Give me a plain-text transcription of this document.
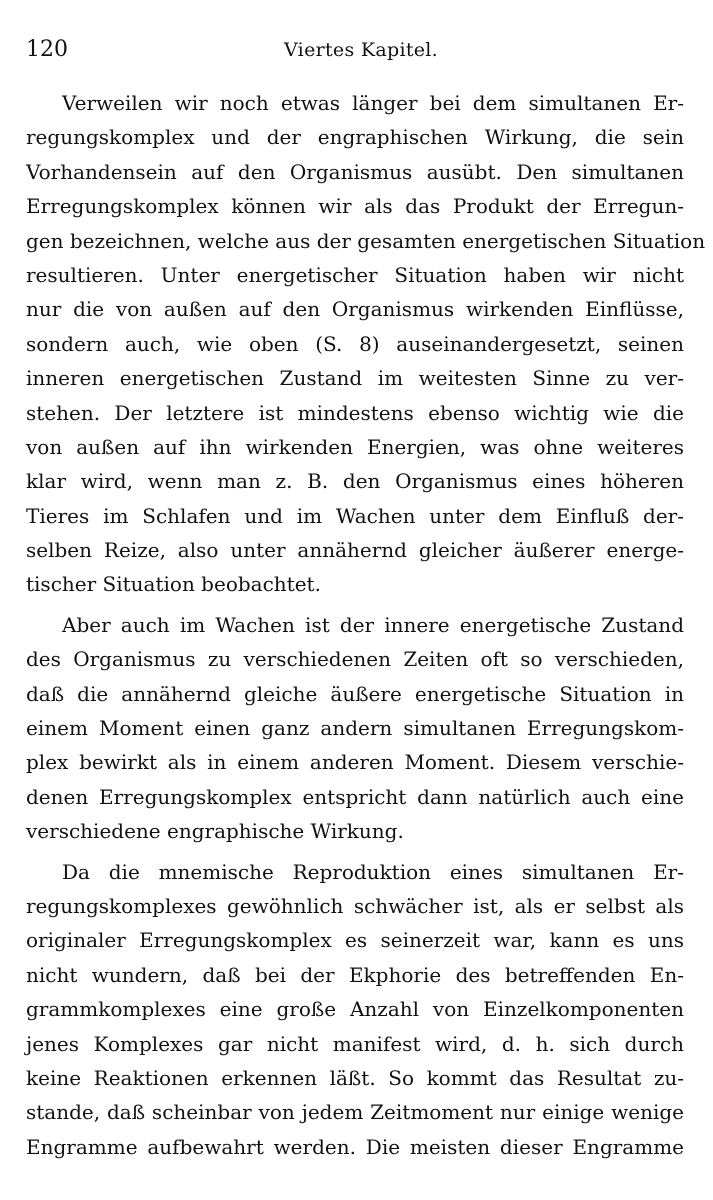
120	Viertes Kapitel.
Verweilen wir noch etwas länger bei dem simultanen Er-
regungskomplex und der engraphischen Wirkung, die sein
Vorhandensein auf den Organismus ausübt. Den simultanen
Erregungskomplex können wir als das Produkt der Erregun-
gen bezeichnen, welche aus der gesamten energetischen Situation
resultieren. Unter energetischer Situation haben wir nicht
nur die von außen auf den Organismus wirkenden Einflüsse,
sondern auch, wie oben (S. 8) auseinandergesetzt, seinen
inneren energetischen Zustand im weitesten Sinne zu ver-
stehen. Der letztere ist mindestens ebenso wichtig wie die
von außen auf ihn wirkenden Energien, was ohne weiteres
klar wird, wenn man z. B. den Organismus eines höheren
Tieres im Schlafen und im Wachen unter dem Einfluß der-
selben Reize, also unter annähernd gleicher äußerer energe-
tischer Situation beobachtet.
Aber auch im Wachen ist der innere energetische Zustand
des Organismus zu verschiedenen Zeiten oft so verschieden,
daß die annähernd gleiche äußere energetische Situation in
einem Moment einen ganz andern simultanen Erregungskom-
plex bewirkt als in einem anderen Moment. Diesem verschie-
denen Erregungskomplex entspricht dann natürlich auch eine
verschiedene engraphische Wirkung.
Da die mnemische Reproduktion eines simultanen Er-
regungskomplexes gewöhnlich schwächer ist, als er selbst als
originaler Erregungskomplex es seinerzeit war, kann es uns
nicht wundern, daß bei der Ekphorie des betreffenden En-
grammkomplexes eine große Anzahl von Einzelkomponenten
jenes Komplexes gar nicht manifest wird, d. h. sich durch
keine Reaktionen erkennen läßt. So kommt das Resultat zu-
stande, daß scheinbar von jedem Zeitmoment nur einige wenige
Engramme aufbewahrt werden. Die meisten dieser Engramme
